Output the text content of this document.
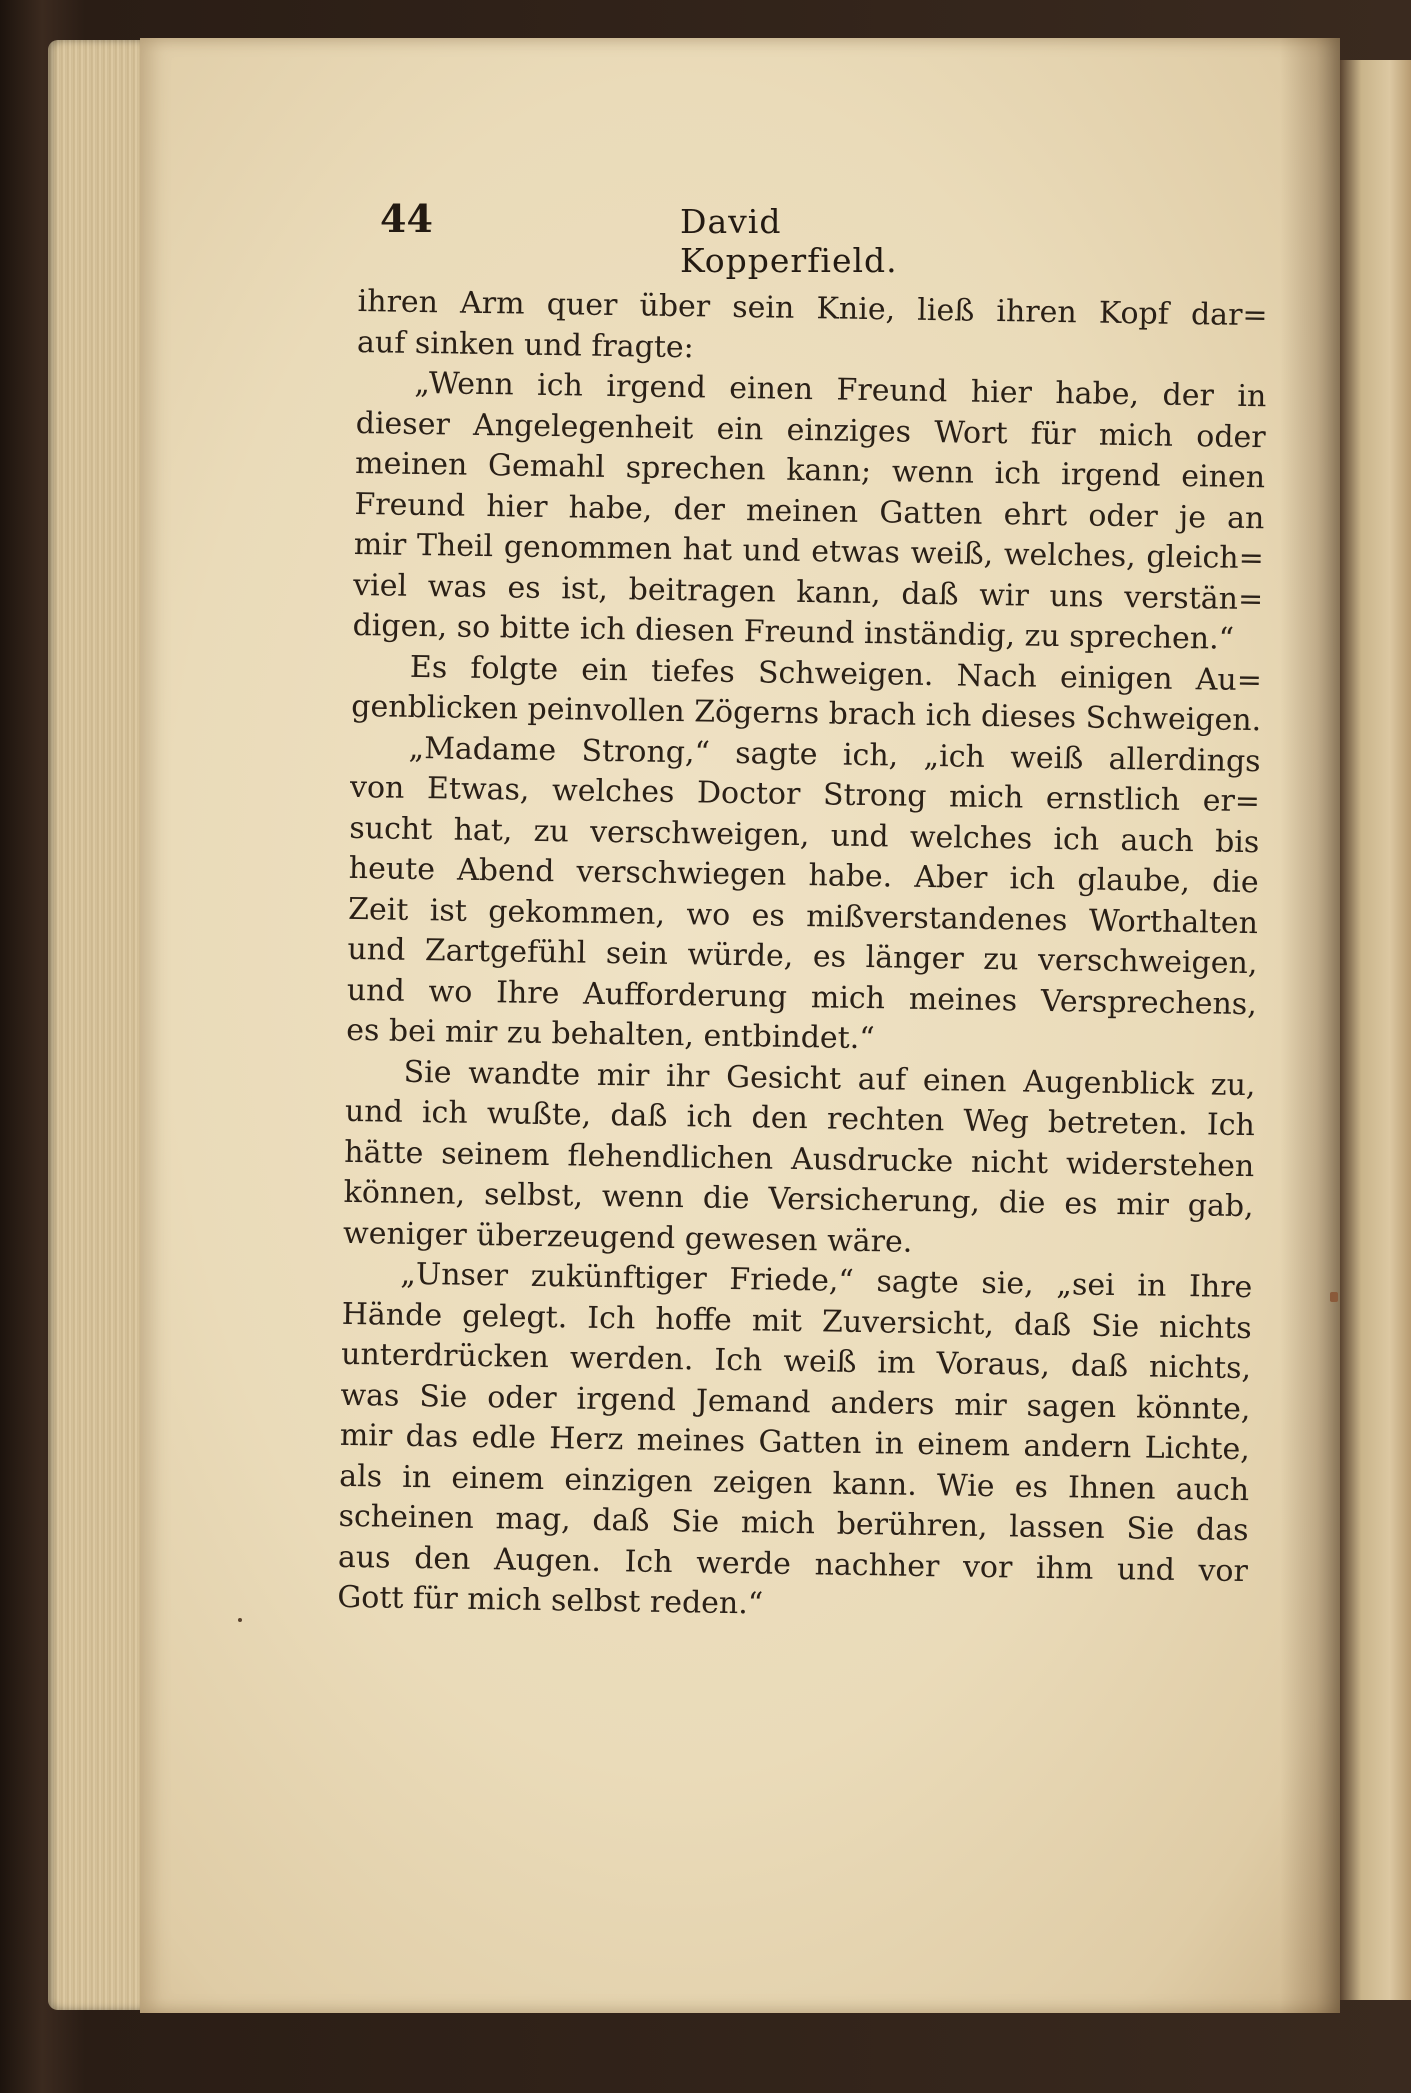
44	David Kopperfield.
ihren Arm quer über sein Knie, ließ ihren Kopf dar=
auf sinken und fragte:
„Wenn ich irgend einen Freund hier habe, der in
dieser Angelegenheit ein einziges Wort für mich oder
meinen Gemahl sprechen kann; wenn ich irgend einen
Freund hier habe, der meinen Gatten ehrt oder je an
mir Theil genommen hat und etwas weiß, welches, gleich=
viel was es ist, beitragen kann, daß wir uns verstän=
digen, so bitte ich diesen Freund inständig, zu sprechen.“
Es folgte ein tiefes Schweigen. Nach einigen Au=
genblicken peinvollen Zögerns brach ich dieses Schweigen.
„Madame Strong,“ sagte ich, „ich weiß allerdings
von Etwas, welches Doctor Strong mich ernstlich er=
sucht hat, zu verschweigen, und welches ich auch bis
heute Abend verschwiegen habe. Aber ich glaube, die
Zeit ist gekommen, wo es mißverstandenes Worthalten
und Zartgefühl sein würde, es länger zu verschweigen,
und wo Ihre Aufforderung mich meines Versprechens,
es bei mir zu behalten, entbindet.“
Sie wandte mir ihr Gesicht auf einen Augenblick zu,
und ich wußte, daß ich den rechten Weg betreten. Ich
hätte seinem flehendlichen Ausdrucke nicht widerstehen
können, selbst, wenn die Versicherung, die es mir gab,
weniger überzeugend gewesen wäre.
„Unser zukünftiger Friede,“ sagte sie, „sei in Ihre
Hände gelegt. Ich hoffe mit Zuversicht, daß Sie nichts
unterdrücken werden. Ich weiß im Voraus, daß nichts,
was Sie oder irgend Jemand anders mir sagen könnte,
mir das edle Herz meines Gatten in einem andern Lichte,
als in einem einzigen zeigen kann. Wie es Ihnen auch
scheinen mag, daß Sie mich berühren, lassen Sie das
aus den Augen. Ich werde nachher vor ihm und vor
Gott für mich selbst reden.“
